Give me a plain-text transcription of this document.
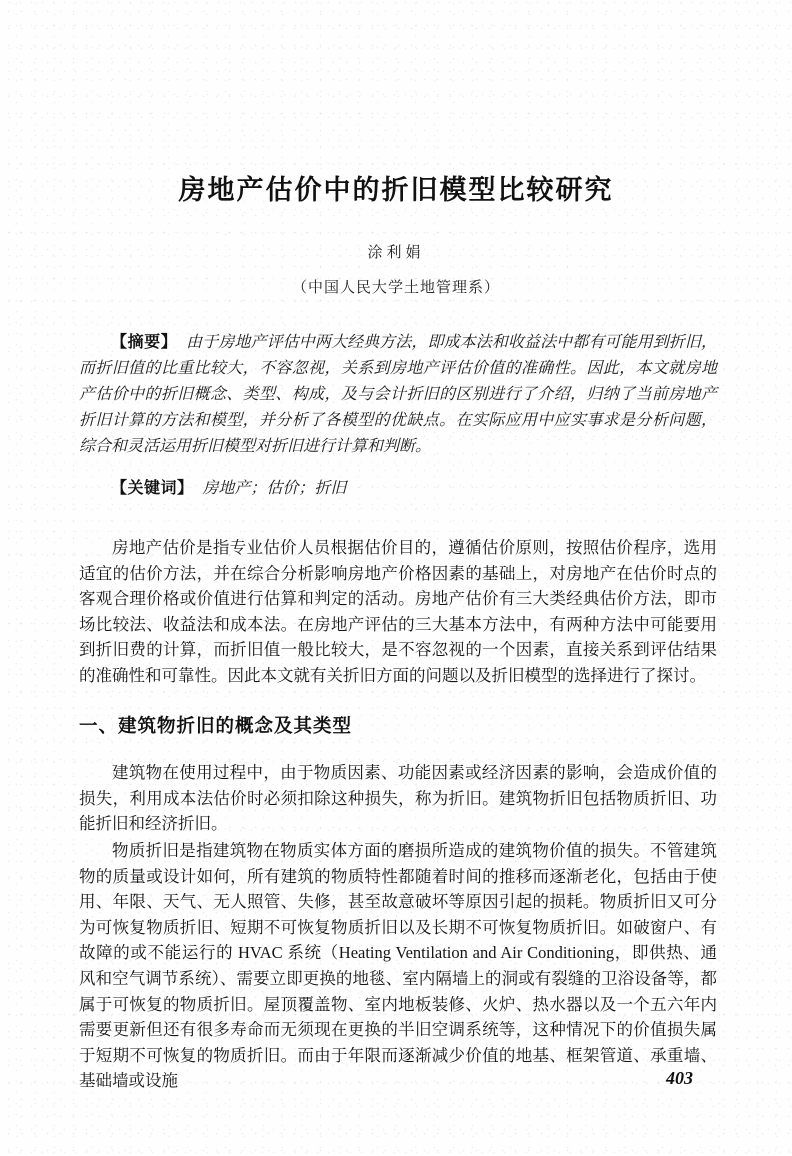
房地产估价中的折旧模型比较研究
涂利娟
（中国人民大学土地管理系）

【摘要】 由于房地产评估中两大经典方法，即成本法和收益法中都有可能用到折旧，而折旧值的比重比较大，不容忽视，关系到房地产评估价值的准确性。因此，本文就房地产估价中的折旧概念、类型、构成，及与会计折旧的区别进行了介绍，归纳了当前房地产折旧计算的方法和模型，并分析了各模型的优缺点。在实际应用中应实事求是分析问题，综合和灵活运用折旧模型对折旧进行计算和判断。

【关键词】 房地产；估价；折旧

房地产估价是指专业估价人员根据估价目的，遵循估价原则，按照估价程序，选用适宜的估价方法，并在综合分析影响房地产价格因素的基础上，对房地产在估价时点的客观合理价格或价值进行估算和判定的活动。房地产估价有三大类经典估价方法，即市场比较法、收益法和成本法。在房地产评估的三大基本方法中，有两种方法中可能要用到折旧费的计算，而折旧值一般比较大，是不容忽视的一个因素，直接关系到评估结果的准确性和可靠性。因此本文就有关折旧方面的问题以及折旧模型的选择进行了探讨。

一、建筑物折旧的概念及其类型

建筑物在使用过程中，由于物质因素、功能因素或经济因素的影响，会造成价值的损失，利用成本法估价时必须扣除这种损失，称为折旧。建筑物折旧包括物质折旧、功能折旧和经济折旧。

物质折旧是指建筑物在物质实体方面的磨损所造成的建筑物价值的损失。不管建筑物的质量或设计如何，所有建筑的物质特性都随着时间的推移而逐渐老化，包括由于使用、年限、天气、无人照管、失修，甚至故意破坏等原因引起的损耗。物质折旧又可分为可恢复物质折旧、短期不可恢复物质折旧以及长期不可恢复物质折旧。如破窗户、有故障的或不能运行的 HVAC 系统（Heating Ventilation and Air Conditioning，即供热、通风和空气调节系统）、需要立即更换的地毯、室内隔墙上的洞或有裂缝的卫浴设备等，都属于可恢复的物质折旧。屋顶覆盖物、室内地板装修、火炉、热水器以及一个五六年内需要更新但还有很多寿命而无须现在更换的半旧空调系统等，这种情况下的价值损失属于短期不可恢复的物质折旧。而由于年限而逐渐减少价值的地基、框架管道、承重墙、基础墙或设施	403
